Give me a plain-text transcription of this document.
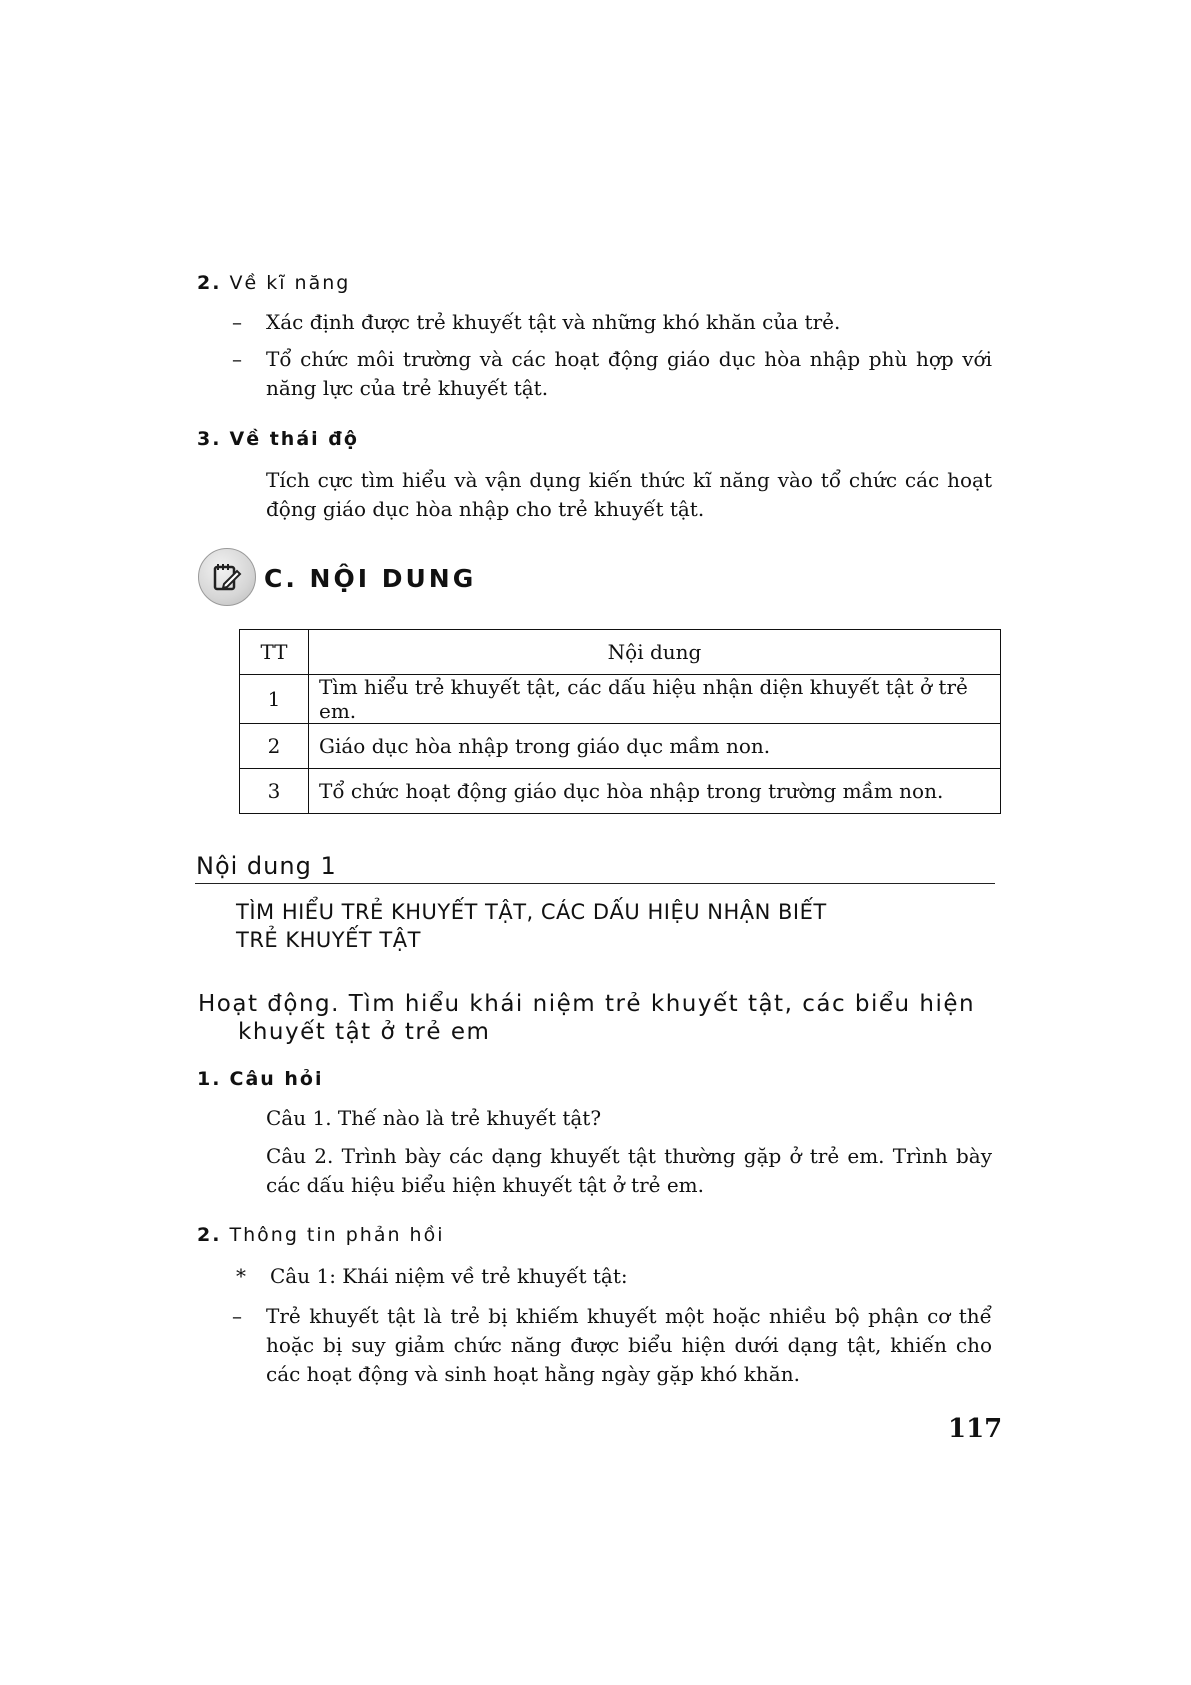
2. Về kĩ năng
–	Xác định được trẻ khuyết tật và những khó khăn của trẻ.
–	Tổ chức môi trường và các hoạt động giáo dục hòa nhập phù hợp với năng lực của trẻ khuyết tật.
3. Về thái độ
Tích cực tìm hiểu và vận dụng kiến thức kĩ năng vào tổ chức các hoạt động giáo dục hòa nhập cho trẻ khuyết tật.
C. NỘI DUNG
TT	Nội dung
1	Tìm hiểu trẻ khuyết tật, các dấu hiệu nhận diện khuyết tật ở trẻ em.
2	Giáo dục hòa nhập trong giáo dục mầm non.
3	Tổ chức hoạt động giáo dục hòa nhập trong trường mầm non.
Nội dung 1
TÌM HIỂU TRẺ KHUYẾT TẬT, CÁC DẤU HIỆU NHẬN BIẾT
TRẺ KHUYẾT TẬT
Hoạt động. Tìm hiểu khái niệm trẻ khuyết tật, các biểu hiện khuyết tật ở trẻ em
1. Câu hỏi
Câu 1. Thế nào là trẻ khuyết tật?
Câu 2. Trình bày các dạng khuyết tật thường gặp ở trẻ em. Trình bày các dấu hiệu biểu hiện khuyết tật ở trẻ em.
2. Thông tin phản hồi
*	Câu 1: Khái niệm về trẻ khuyết tật:
–	Trẻ khuyết tật là trẻ bị khiếm khuyết một hoặc nhiều bộ phận cơ thể hoặc bị suy giảm chức năng được biểu hiện dưới dạng tật, khiến cho các hoạt động và sinh hoạt hằng ngày gặp khó khăn.
117
